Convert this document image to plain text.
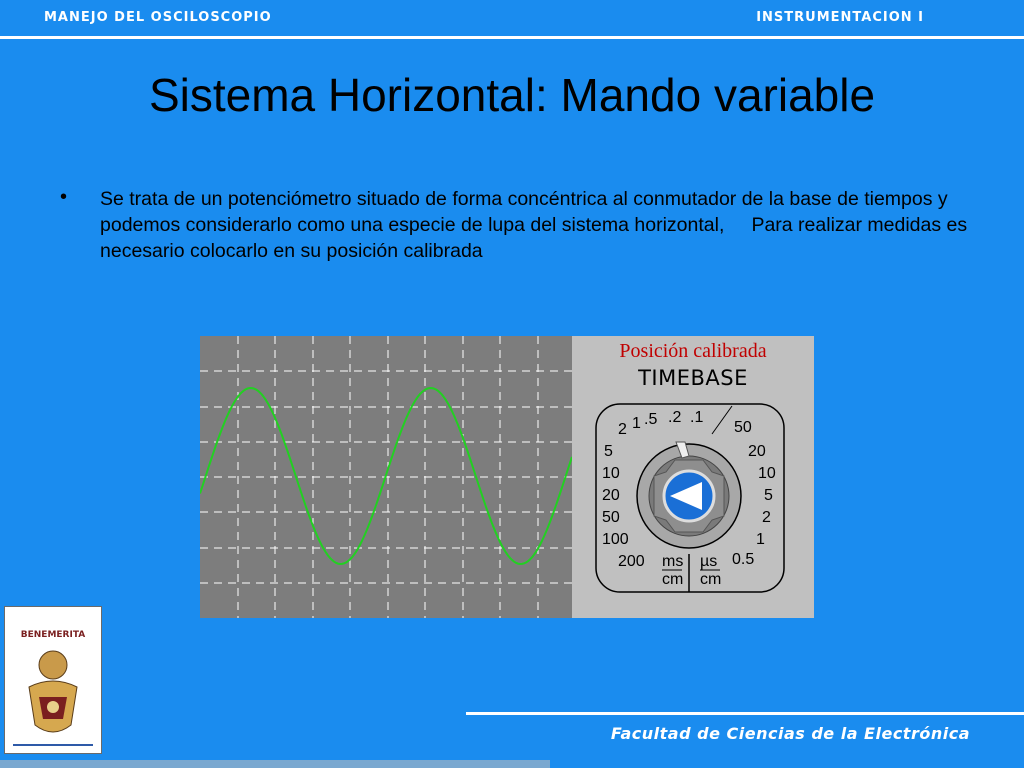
MANEJO DEL OSCILOSCOPIO	INSTRUMENTACION I
Sistema Horizontal: Mando variable
• Se trata de un potenciómetro situado de forma concéntrica al conmutador de la base de tiempos y podemos considerarlo como una especie de lupa del sistema horizontal,     Para realizar medidas es necesario colocarlo en su posición calibrada
Posición calibrada
TIMEBASE
2 1 .5 .2 .1
5
10
20
50
100
200
50
20
10
5
2
1
0.5
ms
cm
µs
cm
BENEMERITA
Facultad de Ciencias de la Electrónica
